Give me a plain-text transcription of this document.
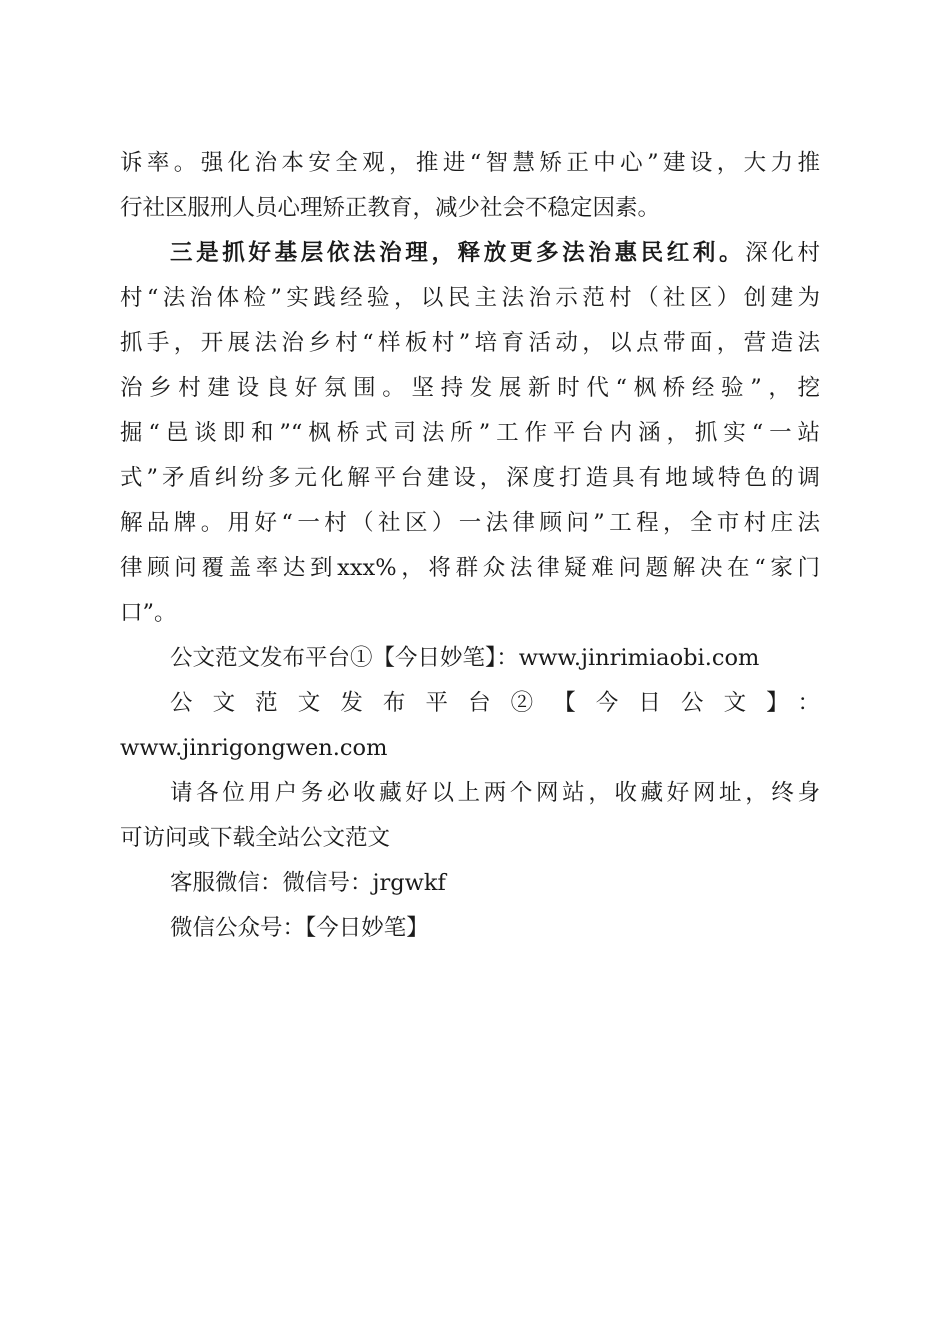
诉率。强化治本安全观，推进“智慧矫正中心”建设，大力推
行社区服刑人员心理矫正教育，减少社会不稳定因素。
三是抓好基层依法治理，释放更多法治惠民红利。深化村
村“法治体检”实践经验，以民主法治示范村（社区）创建为
抓手，开展法治乡村“样板村”培育活动，以点带面，营造法
治乡村建设良好氛围。坚持发展新时代“枫桥经验”，挖
掘“邑谈即和”“枫桥式司法所”工作平台内涵，抓实“一站
式”矛盾纠纷多元化解平台建设，深度打造具有地域特色的调
解品牌。用好“一村（社区）一法律顾问”工程，全市村庄法
律顾问覆盖率达到xxx%，将群众法律疑难问题解决在“家门
口”。
公文范文发布平台①【今日妙笔】：www.jinrimiaobi.com
公文范文发布平台②【今日公文】：
www.jinrigongwen.com
请各位用户务必收藏好以上两个网站，收藏好网址，终身
可访问或下载全站公文范文
客服微信：微信号：jrgwkf
微信公众号：【今日妙笔】
